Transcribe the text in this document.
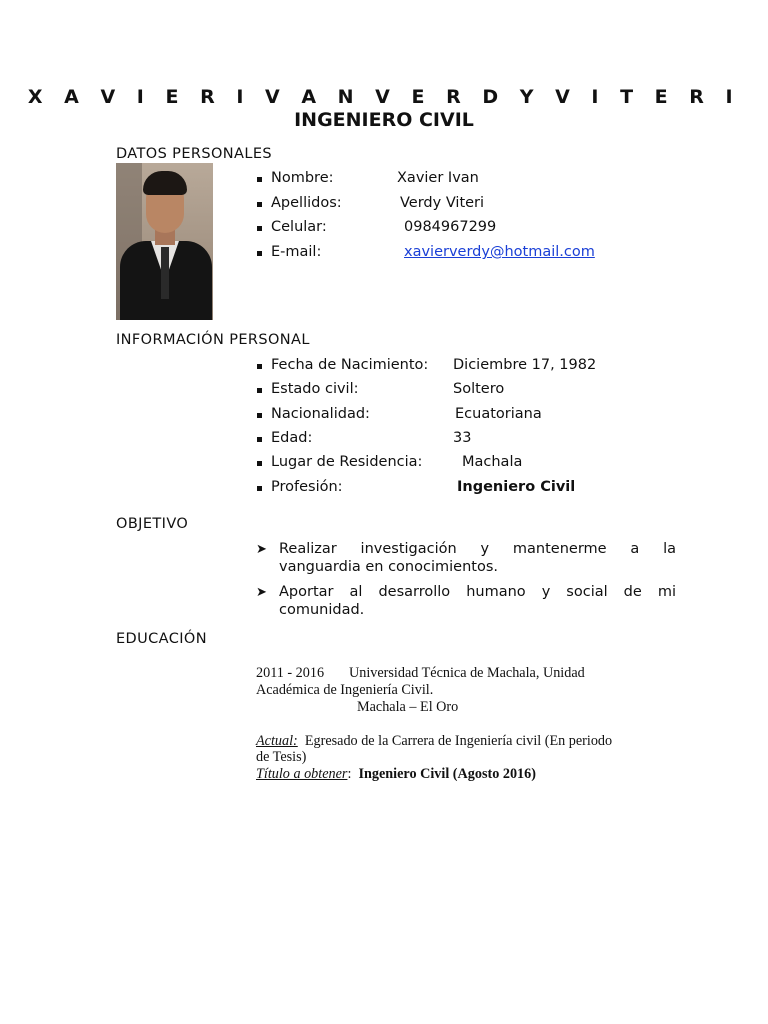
X A V I E R I V A N V E R D Y V I T E R I
INGENIERO CIVIL
DATOS PERSONALES
Nombre:	Xavier Ivan
Apellidos:	Verdy Viteri
Celular:	0984967299
E-mail:	xavierverdy@hotmail.com
INFORMACIÓN PERSONAL
Fecha de Nacimiento: Diciembre 17, 1982
Estado civil:	Soltero
Nacionalidad:	Ecuatoriana
Edad:	33
Lugar de Residencia:	Machala
Profesión:	Ingeniero Civil
OBJETIVO
➤ Realizar investigación y mantenerme a la
vanguardia en conocimientos.
➤ Aportar al desarrollo humano y social de mi
comunidad.
EDUCACIÓN
2011 - 2016 Universidad Técnica de Machala, Unidad
Académica de Ingeniería Civil.
Machala – El Oro
Actual: Egresado de la Carrera de Ingeniería civil (En periodo
de Tesis)
Título a obtener: Ingeniero Civil (Agosto 2016)
